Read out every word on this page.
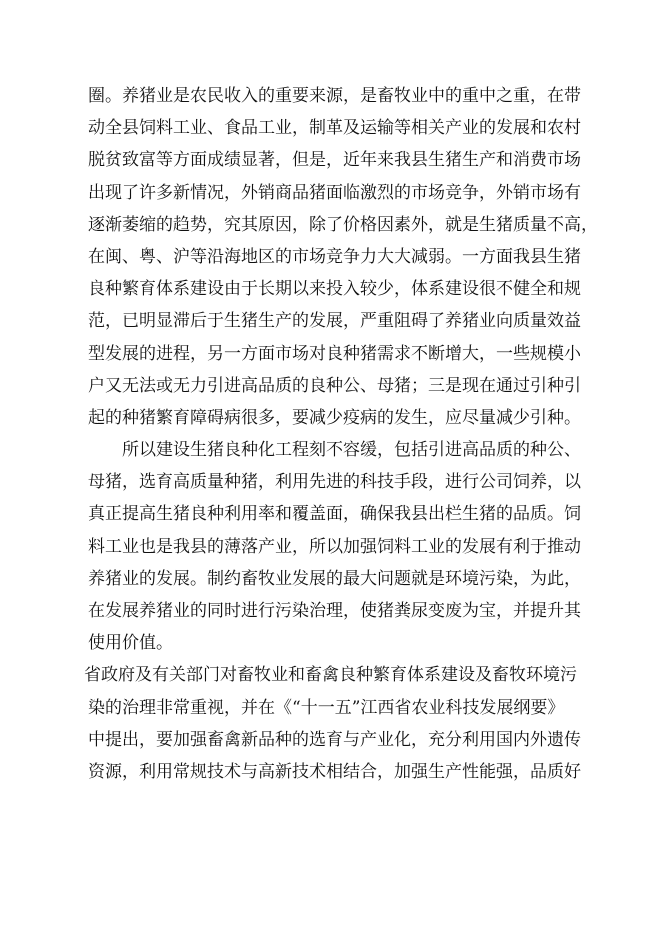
圈。养猪业是农民收入的重要来源，是畜牧业中的重中之重，在带
动全县饲料工业、食品工业，制革及运输等相关产业的发展和农村
脱贫致富等方面成绩显著，但是，近年来我县生猪生产和消费市场
出现了许多新情况，外销商品猪面临激烈的市场竞争，外销市场有
逐渐萎缩的趋势，究其原因，除了价格因素外，就是生猪质量不高，
在闽、粤、沪等沿海地区的市场竞争力大大减弱。一方面我县生猪
良种繁育体系建设由于长期以来投入较少，体系建设很不健全和规
范，已明显滞后于生猪生产的发展，严重阻碍了养猪业向质量效益
型发展的进程，另一方面市场对良种猪需求不断增大，一些规模小
户又无法或无力引进高品质的良种公、母猪；三是现在通过引种引
起的种猪繁育障碍病很多，要减少疫病的发生，应尽量减少引种。
所以建设生猪良种化工程刻不容缓，包括引进高品质的种公、
母猪，选育高质量种猪，利用先进的科技手段，进行公司饲养，以
真正提高生猪良种利用率和覆盖面，确保我县出栏生猪的品质。饲
料工业也是我县的薄落产业，所以加强饲料工业的发展有利于推动
养猪业的发展。制约畜牧业发展的最大问题就是环境污染，为此，
在发展养猪业的同时进行污染治理，使猪粪尿变废为宝，并提升其
使用价值。
省政府及有关部门对畜牧业和畜禽良种繁育体系建设及畜牧环境污
染的治理非常重视，并在《“十一五”江西省农业科技发展纲要》
中提出，要加强畜禽新品种的选育与产业化，充分利用国内外遗传
资源，利用常规技术与高新技术相结合，加强生产性能强，品质好
